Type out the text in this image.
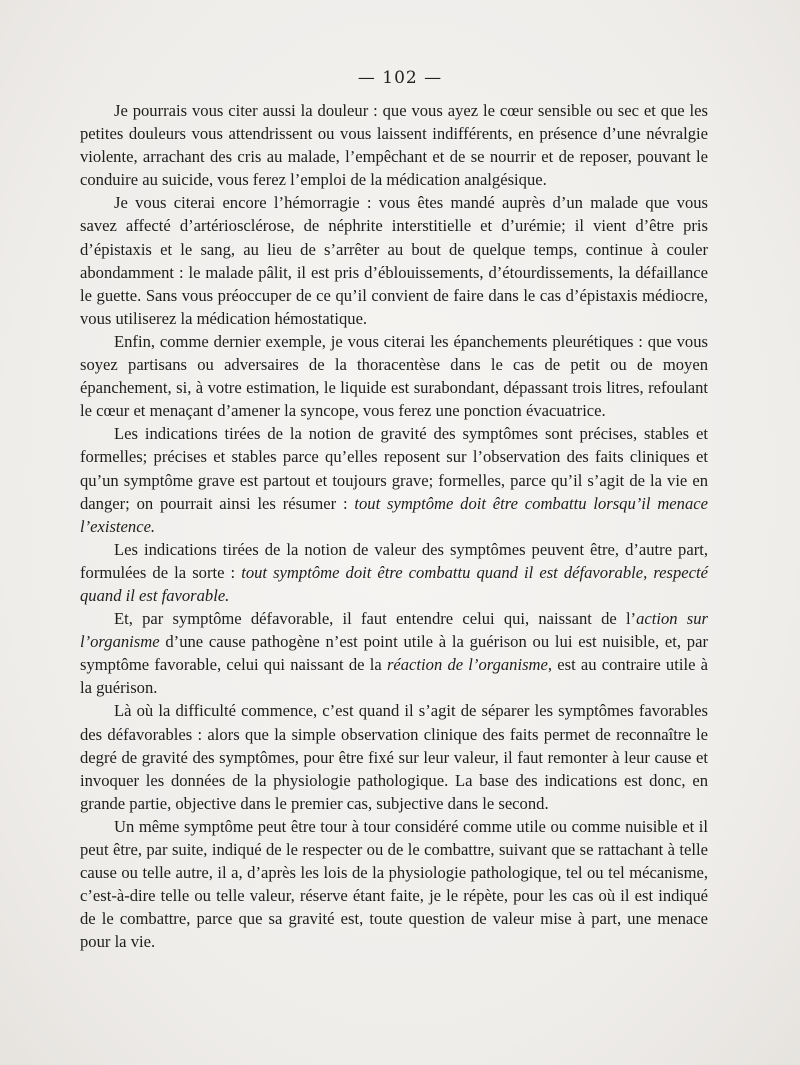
— 102 —

Je pourrais vous citer aussi la douleur : que vous ayez le cœur sensible ou sec et que les petites douleurs vous attendrissent ou vous laissent indifférents, en présence d’une névralgie violente, arrachant des cris au malade, l’empêchant et de se nourrir et de reposer, pouvant le conduire au suicide, vous ferez l’emploi de la médication analgésique.

Je vous citerai encore l’hémorragie : vous êtes mandé auprès d’un malade que vous savez affecté d’artériosclérose, de néphrite interstitielle et d’urémie; il vient d’être pris d’épistaxis et le sang, au lieu de s’arrêter au bout de quelque temps, continue à couler abondamment : le malade pâlit, il est pris d’éblouissements, d’étourdissements, la défaillance le guette. Sans vous préoccuper de ce qu’il convient de faire dans le cas d’épistaxis médiocre, vous utiliserez la médication hémostatique.

Enfin, comme dernier exemple, je vous citerai les épanchements pleurétiques : que vous soyez partisans ou adversaires de la thoracentèse dans le cas de petit ou de moyen épanchement, si, à votre estimation, le liquide est surabondant, dépassant trois litres, refoulant le cœur et menaçant d’amener la syncope, vous ferez une ponction évacuatrice.

Les indications tirées de la notion de gravité des symptômes sont précises, stables et formelles; précises et stables parce qu’elles reposent sur l’observation des faits cliniques et qu’un symptôme grave est partout et toujours grave; formelles, parce qu’il s’agit de la vie en danger; on pourrait ainsi les résumer : tout symptôme doit être combattu lorsqu’il menace l’existence.

Les indications tirées de la notion de valeur des symptômes peuvent être, d’autre part, formulées de la sorte : tout symptôme doit être combattu quand il est défavorable, respecté quand il est favorable.

Et, par symptôme défavorable, il faut entendre celui qui, naissant de l’action sur l’organisme d’une cause pathogène n’est point utile à la guérison ou lui est nuisible, et, par symptôme favorable, celui qui naissant de la réaction de l’organisme, est au contraire utile à la guérison.

Là où la difficulté commence, c’est quand il s’agit de séparer les symptômes favorables des défavorables : alors que la simple observation clinique des faits permet de reconnaître le degré de gravité des symptômes, pour être fixé sur leur valeur, il faut remonter à leur cause et invoquer les données de la physiologie pathologique. La base des indications est donc, en grande partie, objective dans le premier cas, subjective dans le second.

Un même symptôme peut être tour à tour considéré comme utile ou comme nuisible et il peut être, par suite, indiqué de le respecter ou de le combattre, suivant que se rattachant à telle cause ou telle autre, il a, d’après les lois de la physiologie pathologique, tel ou tel mécanisme, c’est-à-dire telle ou telle valeur, réserve étant faite, je le répète, pour les cas où il est indiqué de le combattre, parce que sa gravité est, toute question de valeur mise à part, une menace pour la vie.
